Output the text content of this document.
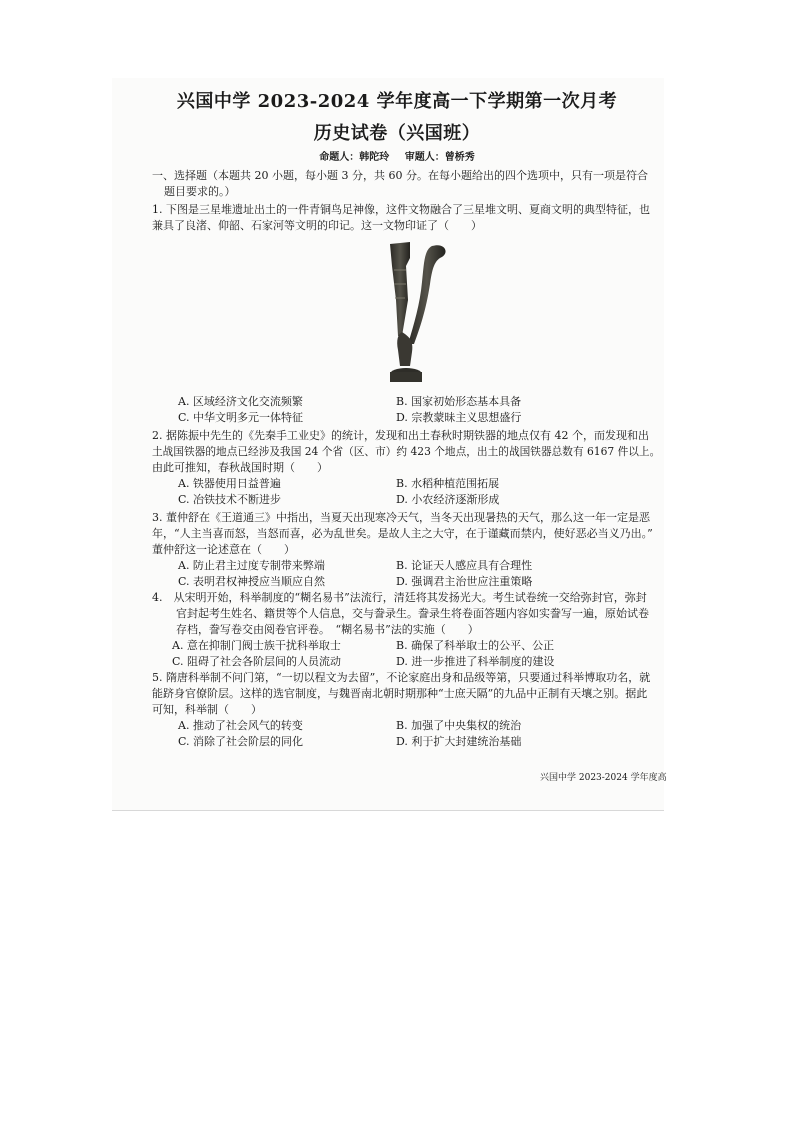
兴国中学 2023-2024 学年度高一下学期第一次月考
历史试卷（兴国班）
命题人：韩陀玲 审题人：曾桥秀
一、选择题（本题共 20 小题，每小题 3 分，共 60 分。在每小题给出的四个选项中，只有一项是符合
题目要求的。）
1. 下图是三星堆遗址出土的一件青铜鸟足神像，这件文物融合了三星堆文明、夏商文明的典型特征，也
兼具了良渚、仰韶、石家河等文明的印记。这一文物印证了（　　）
A. 区域经济文化交流频繁	B. 国家初始形态基本具备
C. 中华文明多元一体特征	D. 宗教蒙昧主义思想盛行
2. 据陈振中先生的《先秦手工业史》的统计，发现和出土春秋时期铁器的地点仅有 42 个，而发现和出
土战国铁器的地点已经涉及我国 24 个省（区、市）约 423 个地点，出土的战国铁器总数有 6167 件以上。
由此可推知，春秋战国时期（　　）
A. 铁器使用日益普遍	B. 水稻种植范围拓展
C. 冶铁技术不断进步	D. 小农经济逐渐形成
3. 董仲舒在《王道通三》中指出，当夏天出现寒冷天气，当冬天出现暑热的天气，那么这一年一定是恶
年，“人主当喜而怒，当怒而喜，必为乱世矣。是故人主之大守，在于谨藏而禁内，使好恶必当义乃出。”
董仲舒这一论述意在（　　）
A. 防止君主过度专制带来弊端	B. 论证天人感应具有合理性
C. 表明君权神授应当顺应自然	D. 强调君主治世应注重策略
4.　从宋明开始，科举制度的“糊名易书”法流行，清廷将其发扬光大。考生试卷统一交给弥封官，弥封
官封起考生姓名、籍贯等个人信息，交与誊录生。誊录生将卷面答题内容如实誊写一遍，原始试卷
存档，誊写卷交由阅卷官评卷。　“糊名易书”法的实施（　　）
A. 意在抑制门阀士族干扰科举取士	B. 确保了科举取士的公平、公正
C. 阻碍了社会各阶层间的人员流动	D. 进一步推进了科举制度的建设
5. 隋唐科举制不问门第，“一切以程文为去留”，不论家庭出身和品级等第，只要通过科举博取功名，就
能跻身官僚阶层。这样的选官制度，与魏晋南北朝时期那种“士庶天隔”的九品中正制有天壤之别。据此
可知，科举制（　　）
A. 推动了社会风气的转变	B. 加强了中央集权的统治
C. 消除了社会阶层的同化	D. 利于扩大封建统治基础
兴国中学 2023-2024 学年度高
